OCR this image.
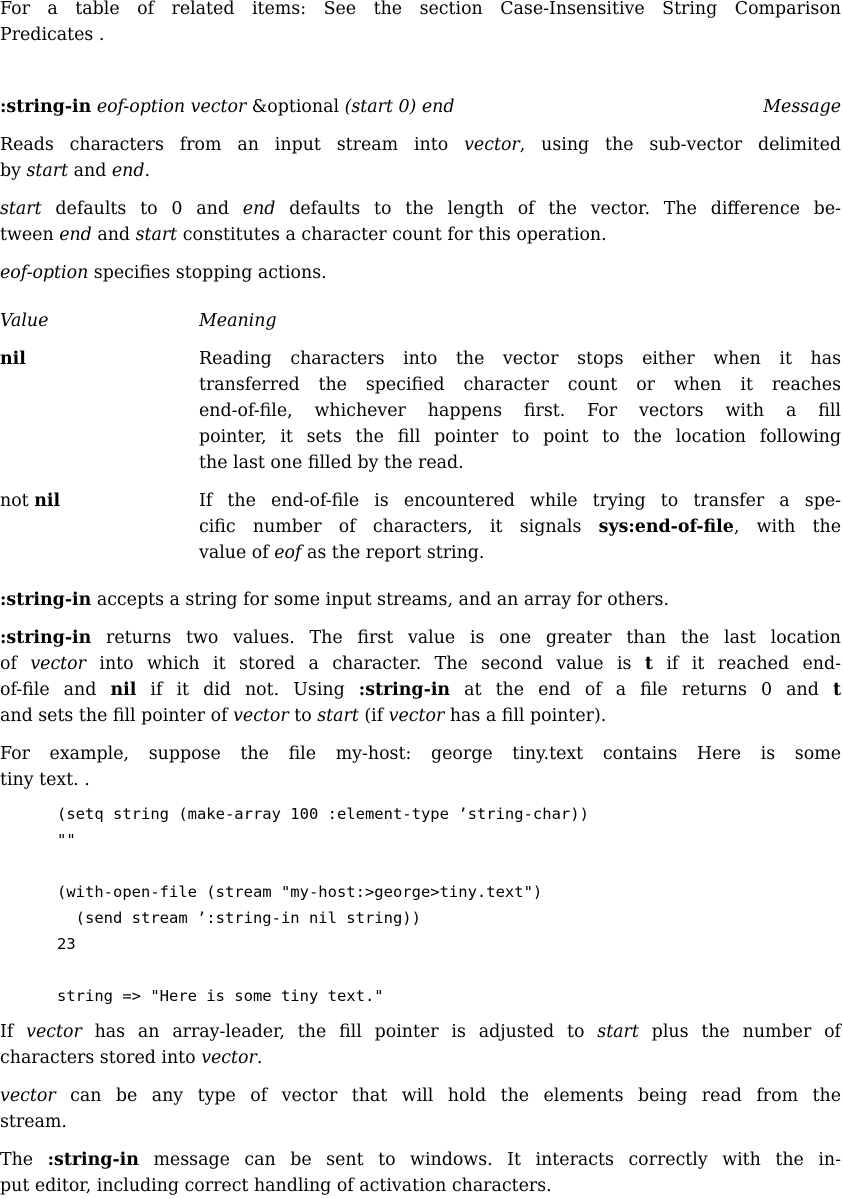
For a table of related items: See the section Case-Insensitive String Comparison
Predicates .
:string-in eof-option vector &optional (start 0) end	Message
Reads characters from an input stream into vector, using the sub-vector delimited
by start and end.
start defaults to 0 and end defaults to the length of the vector. The difference be-
tween end and start constitutes a character count for this operation.
eof-option specifies stopping actions.
Value	Meaning
nil	Reading characters into the vector stops either when it has
transferred the specified character count or when it reaches
end-of-file, whichever happens first. For vectors with a fill
pointer, it sets the fill pointer to point to the location following
the last one filled by the read.
not nil	If the end-of-file is encountered while trying to transfer a spe-
cific number of characters, it signals sys:end-of-file, with the
value of eof as the report string.
:string-in accepts a string for some input streams, and an array for others.
:string-in returns two values. The first value is one greater than the last location
of vector into which it stored a character. The second value is t if it reached end-
of-file and nil if it did not. Using :string-in at the end of a file returns 0 and t
and sets the fill pointer of vector to start (if vector has a fill pointer).
For example, suppose the file my-host: george tiny.text contains Here is some
tiny text. .
(setq string (make-array 100 :element-type ’string-char))
""
(with-open-file (stream "my-host:>george>tiny.text")
(send stream ’:string-in nil string))
23
string => "Here is some tiny text."
If vector has an array-leader, the fill pointer is adjusted to start plus the number of
characters stored into vector.
vector can be any type of vector that will hold the elements being read from the
stream.
The :string-in message can be sent to windows. It interacts correctly with the in-
put editor, including correct handling of activation characters.
